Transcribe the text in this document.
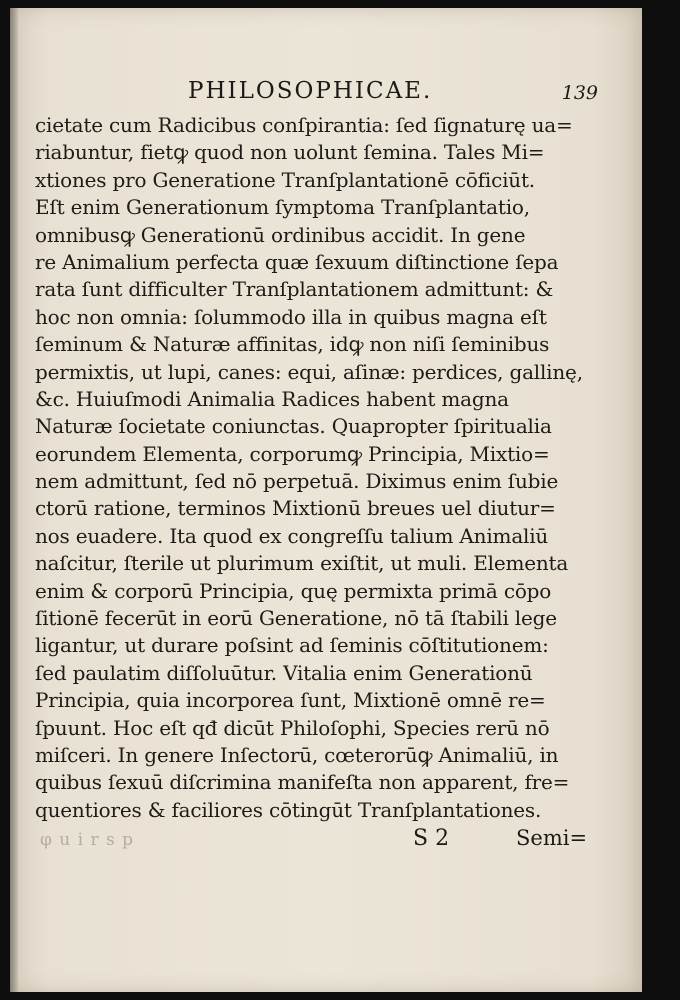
PHILOSOPHICAE.	139
cietate cum Radicibus conſpirantia: ſed ſignaturę ua=
riabuntur, fietꝙ quod non uolunt ſemina. Tales Mi=
xtiones pro Generatione Tranſplantationē cōficiūt.
Eſt enim Generationum ſymptoma Tranſplantatio,
omnibusꝙ Generationū ordinibus accidit. In gene
re Animalium perfecta quæ ſexuum diſtinctione ſepa
rata ſunt difficulter Tranſplantationem admittunt: &
hoc non omnia: ſolummodo illa in quibus magna eſt
ſeminum & Naturæ affinitas, idꝙ non niſi ſeminibus
permixtis, ut lupi, canes: equi, aſinæ: perdices, gallinę,
&c. Huiuſmodi Animalia Radices habent magna
Naturæ ſocietate coniunctas. Quapropter ſpiritualia
eorundem Elementa, corporumꝙ Principia, Mixtio=
nem admittunt, ſed nō perpetuā. Diximus enim ſubie
ctorū ratione, terminos Mixtionū breues uel diutur=
nos euadere. Ita quod ex congreſſu talium Animaliū
naſcitur, ſterile ut plurimum exiſtit, ut muli. Elementa
enim & corporū Principia, quę permixta primā cōpo
ſitionē fecerūt in eorū Generatione, nō tā ſtabili lege
ligantur, ut durare poſsint ad ſeminis cōſtitutionem:
ſed paulatim diſſoluūtur. Vitalia enim Generationū
Principia, quia incorporea ſunt, Mixtionē omnē re=
ſpuunt. Hoc eſt qđ dicūt Philoſophi, Species rerū nō
miſceri. In genere Inſectorū, cœterorūꝙ Animaliū, in
quibus ſexuū diſcrimina manifeſta non apparent, fre=
quentiores & faciliores cōtingūt Tranſplantationes.
φ u i r s p	S 2	Semi=
